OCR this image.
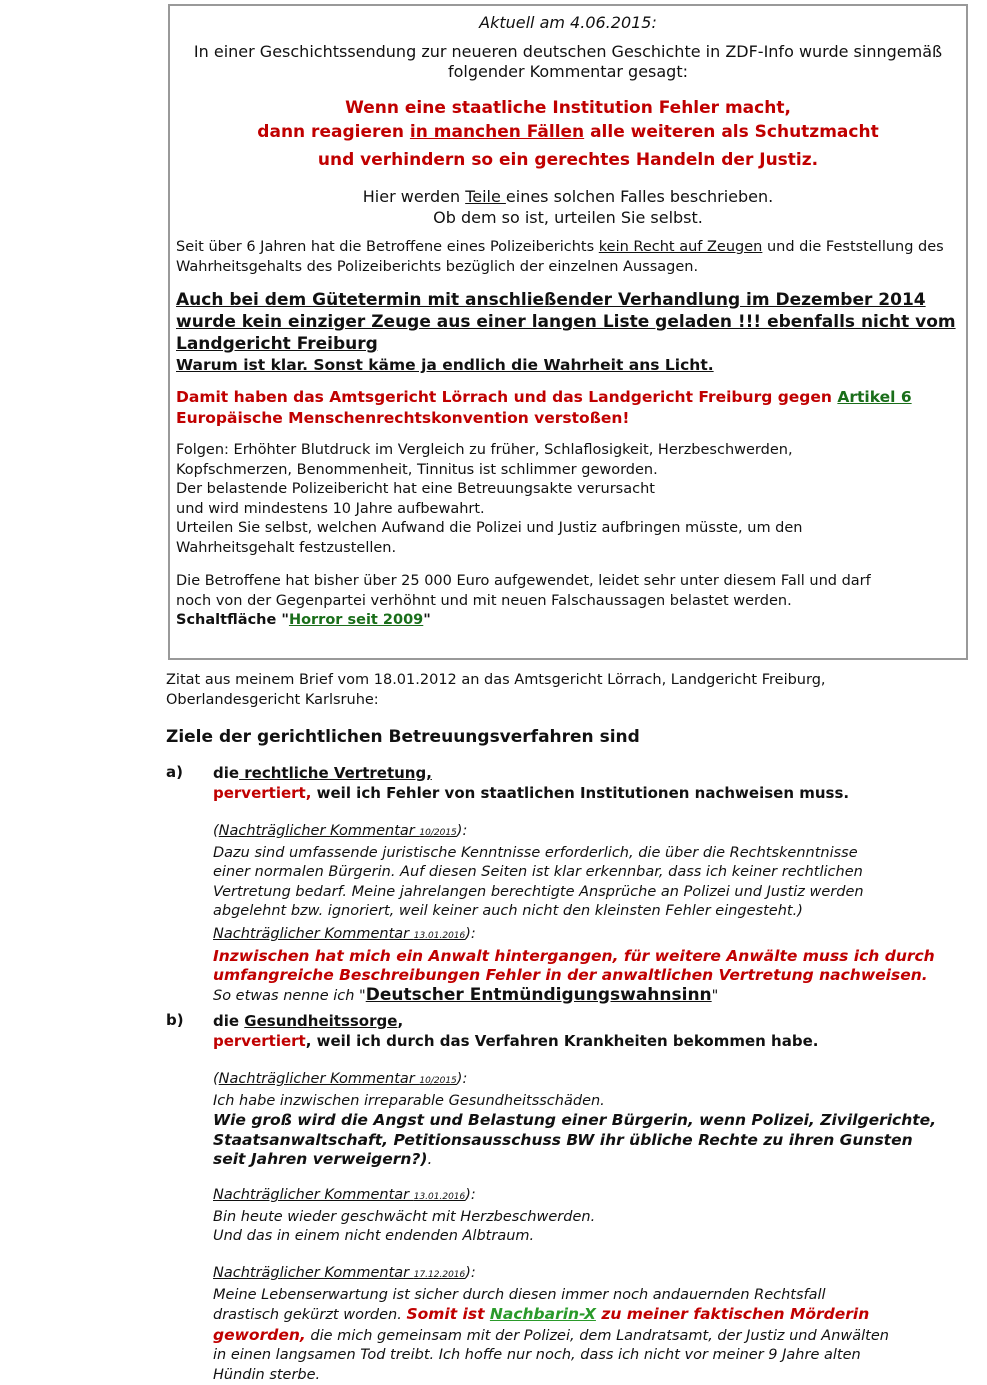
Aktuell am 4.06.2015:

In einer Geschichtssendung zur neueren deutschen Geschichte in ZDF-Info wurde sinngemäß folgender Kommentar gesagt:

Wenn eine staatliche Institution Fehler macht,

dann reagieren in manchen Fällen alle weiteren als Schutzmacht

und verhindern so ein gerechtes Handeln der Justiz.

Hier werden Teile eines solchen Falles beschrieben.

Ob dem so ist, urteilen Sie selbst.

Seit über 6 Jahren hat die Betroffene eines Polizeiberichts kein Recht auf Zeugen und die Feststellung des Wahrheitsgehalts des Polizeiberichts bezüglich der einzelnen Aussagen.

Auch bei dem Gütetermin mit anschließender Verhandlung im Dezember 2014 wurde kein einziger Zeuge aus einer langen Liste geladen !!! ebenfalls nicht vom Landgericht Freiburg

Warum ist klar. Sonst käme ja endlich die Wahrheit ans Licht.

Damit haben das Amtsgericht Lörrach und das Landgericht Freiburg gegen Artikel 6
Europäische Menschenrechtskonvention verstoßen!

Folgen: Erhöhter Blutdruck im Vergleich zu früher, Schlaflosigkeit, Herzbeschwerden,

Kopfschmerzen, Benommenheit, Tinnitus ist schlimmer geworden.

Der belastende Polizeibericht hat eine Betreuungsakte verursacht

und wird mindestens 10 Jahre aufbewahrt.

Urteilen Sie selbst, welchen Aufwand die Polizei und Justiz aufbringen müsste, um den

Wahrheitsgehalt festzustellen.

Die Betroffene hat bisher über 25 000 Euro aufgewendet, leidet sehr unter diesem Fall und darf

noch von der Gegenpartei verhöhnt und mit neuen Falschaussagen belastet werden.

Schaltfläche "Horror seit 2009"

Zitat aus meinem Brief vom 18.01.2012 an das Amtsgericht Lörrach, Landgericht Freiburg,

Oberlandesgericht Karlsruhe:

Ziele der gerichtlichen Betreuungsverfahren sind
a) die rechtliche Vertretung,

pervertiert, weil ich Fehler von staatlichen Institutionen nachweisen muss.

(Nachträglicher Kommentar 10/2015):

Dazu sind umfassende juristische Kenntnisse erforderlich, die über die Rechtskenntnisse

einer normalen Bürgerin. Auf diesen Seiten ist klar erkennbar, dass ich keiner rechtlichen

Vertretung bedarf. Meine jahrelangen berechtigte Ansprüche an Polizei und Justiz werden

abgelehnt bzw. ignoriert, weil keiner auch nicht den kleinsten Fehler eingesteht.)

Nachträglicher Kommentar 13.01.2016):

Inzwischen hat mich ein Anwalt hintergangen, für weitere Anwälte muss ich durch

umfangreiche Beschreibungen Fehler in der anwaltlichen Vertretung nachweisen.

So etwas nenne ich "Deutscher Entmündigungswahnsinn"

b) die Gesundheitssorge,

pervertiert, weil ich durch das Verfahren Krankheiten bekommen habe.

(Nachträglicher Kommentar 10/2015):

Ich habe inzwischen irreparable Gesundheitsschäden.

Wie groß wird die Angst und Belastung einer Bürgerin, wenn Polizei, Zivilgerichte,

Staatsanwaltschaft, Petitionsausschuss BW ihr übliche Rechte zu ihren Gunsten

seit Jahren verweigern?).

Nachträglicher Kommentar 13.01.2016):

Bin heute wieder geschwächt mit Herzbeschwerden.

Und das in einem nicht endenden Albtraum.

Nachträglicher Kommentar 17.12.2016):

Meine Lebenserwartung ist sicher durch diesen immer noch andauernden Rechtsfall

drastisch gekürzt worden. Somit ist Nachbarin-X zu meiner faktischen Mörderin

geworden, die mich gemeinsam mit der Polizei, dem Landratsamt, der Justiz und Anwälten

in einen langsamen Tod treibt. Ich hoffe nur noch, dass ich nicht vor meiner 9 Jahre alten

Hündin sterbe.
